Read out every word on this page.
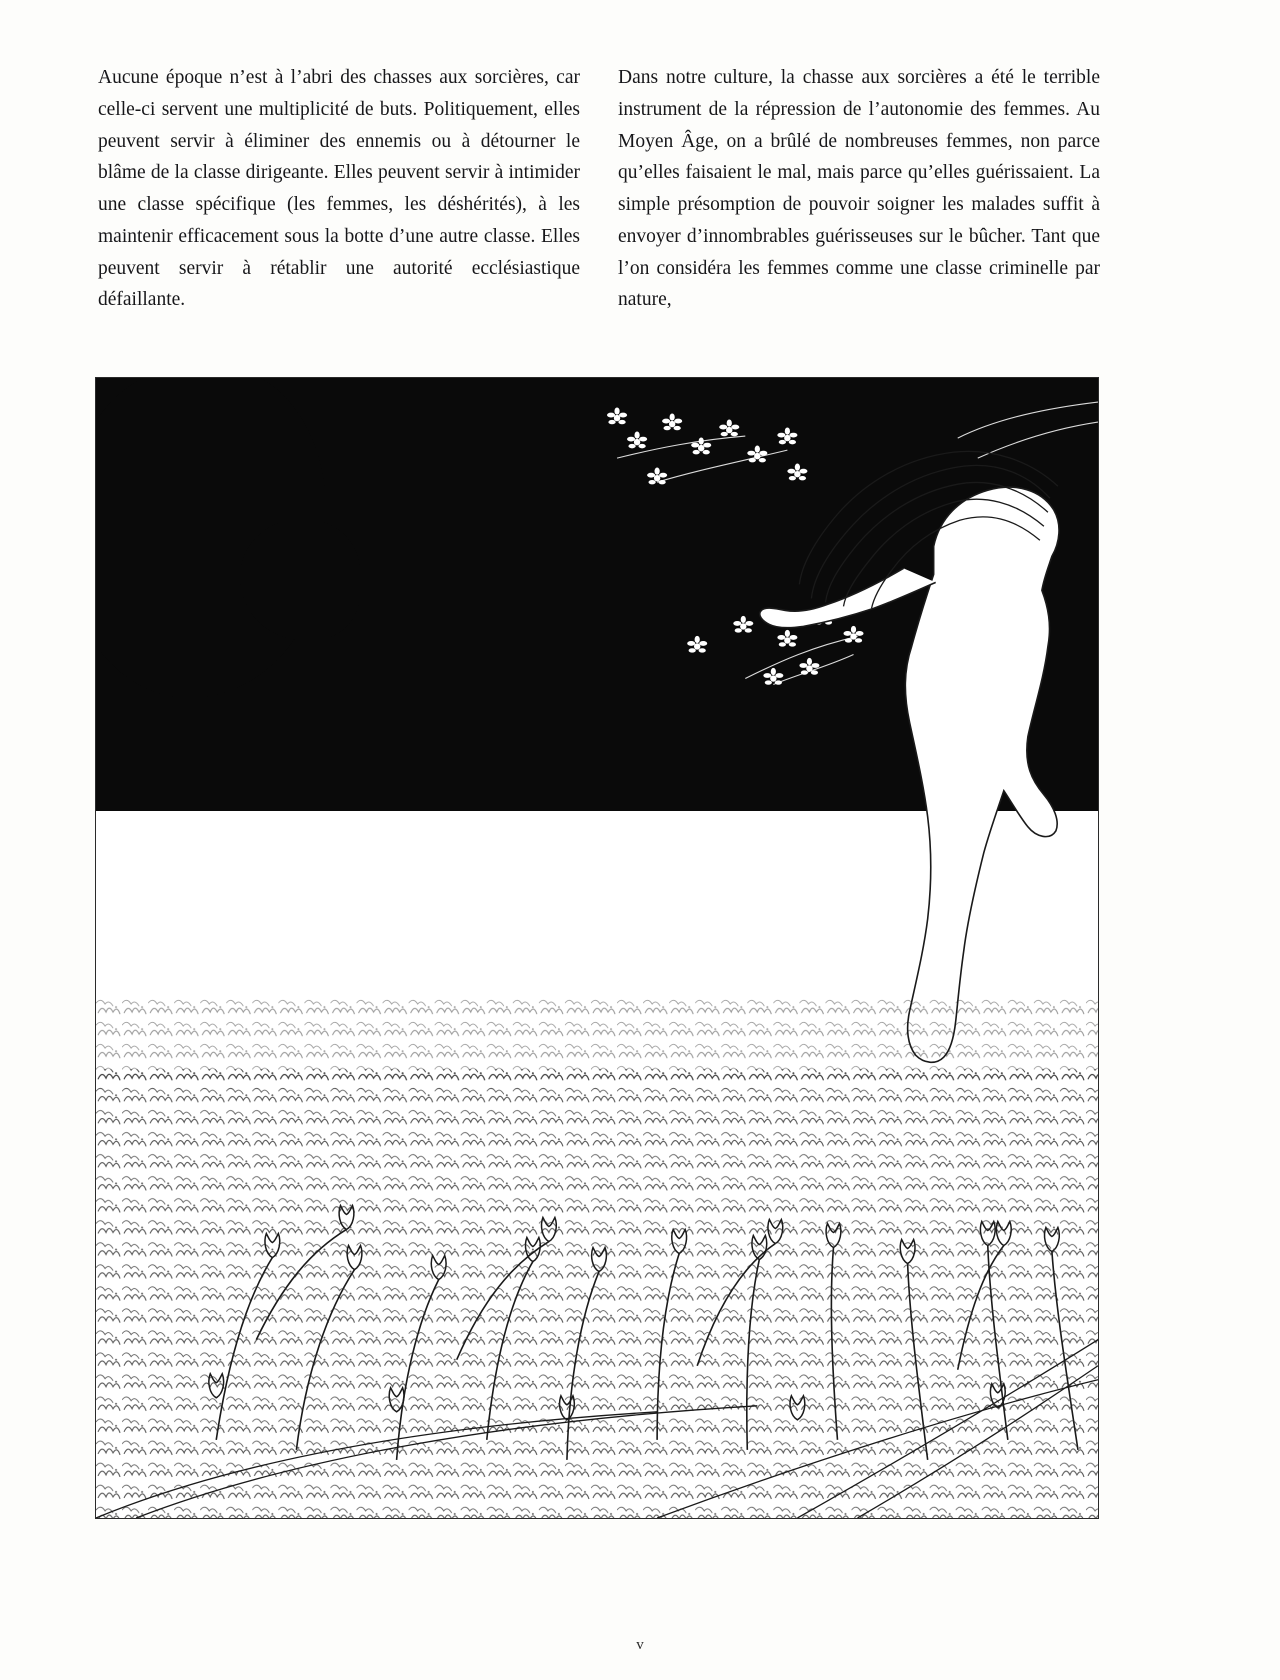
Aucune époque n’est à l’abri des chasses aux sorcières, car celle-ci servent une multiplicité de buts. Politiquement, elles peuvent servir à éliminer des ennemis ou à détourner le blâme de la classe dirigeante. Elles peuvent servir à intimider une classe spécifique (les femmes, les déshérités), à les maintenir efficacement sous la botte d’une autre classe. Elles peuvent servir à rétablir une autorité ecclésiastique défaillante.

Dans notre culture, la chasse aux sorcières a été le terrible instrument de la répression de l’autonomie des femmes. Au Moyen Âge, on a brûlé de nombreuses femmes, non parce qu’elles faisaient le mal, mais parce qu’elles guérissaient. La simple présomption de pouvoir soigner les malades suffit à envoyer d’innombrables guérisseuses sur le bûcher. Tant que l’on considéra les femmes comme une classe criminelle par nature,

v
